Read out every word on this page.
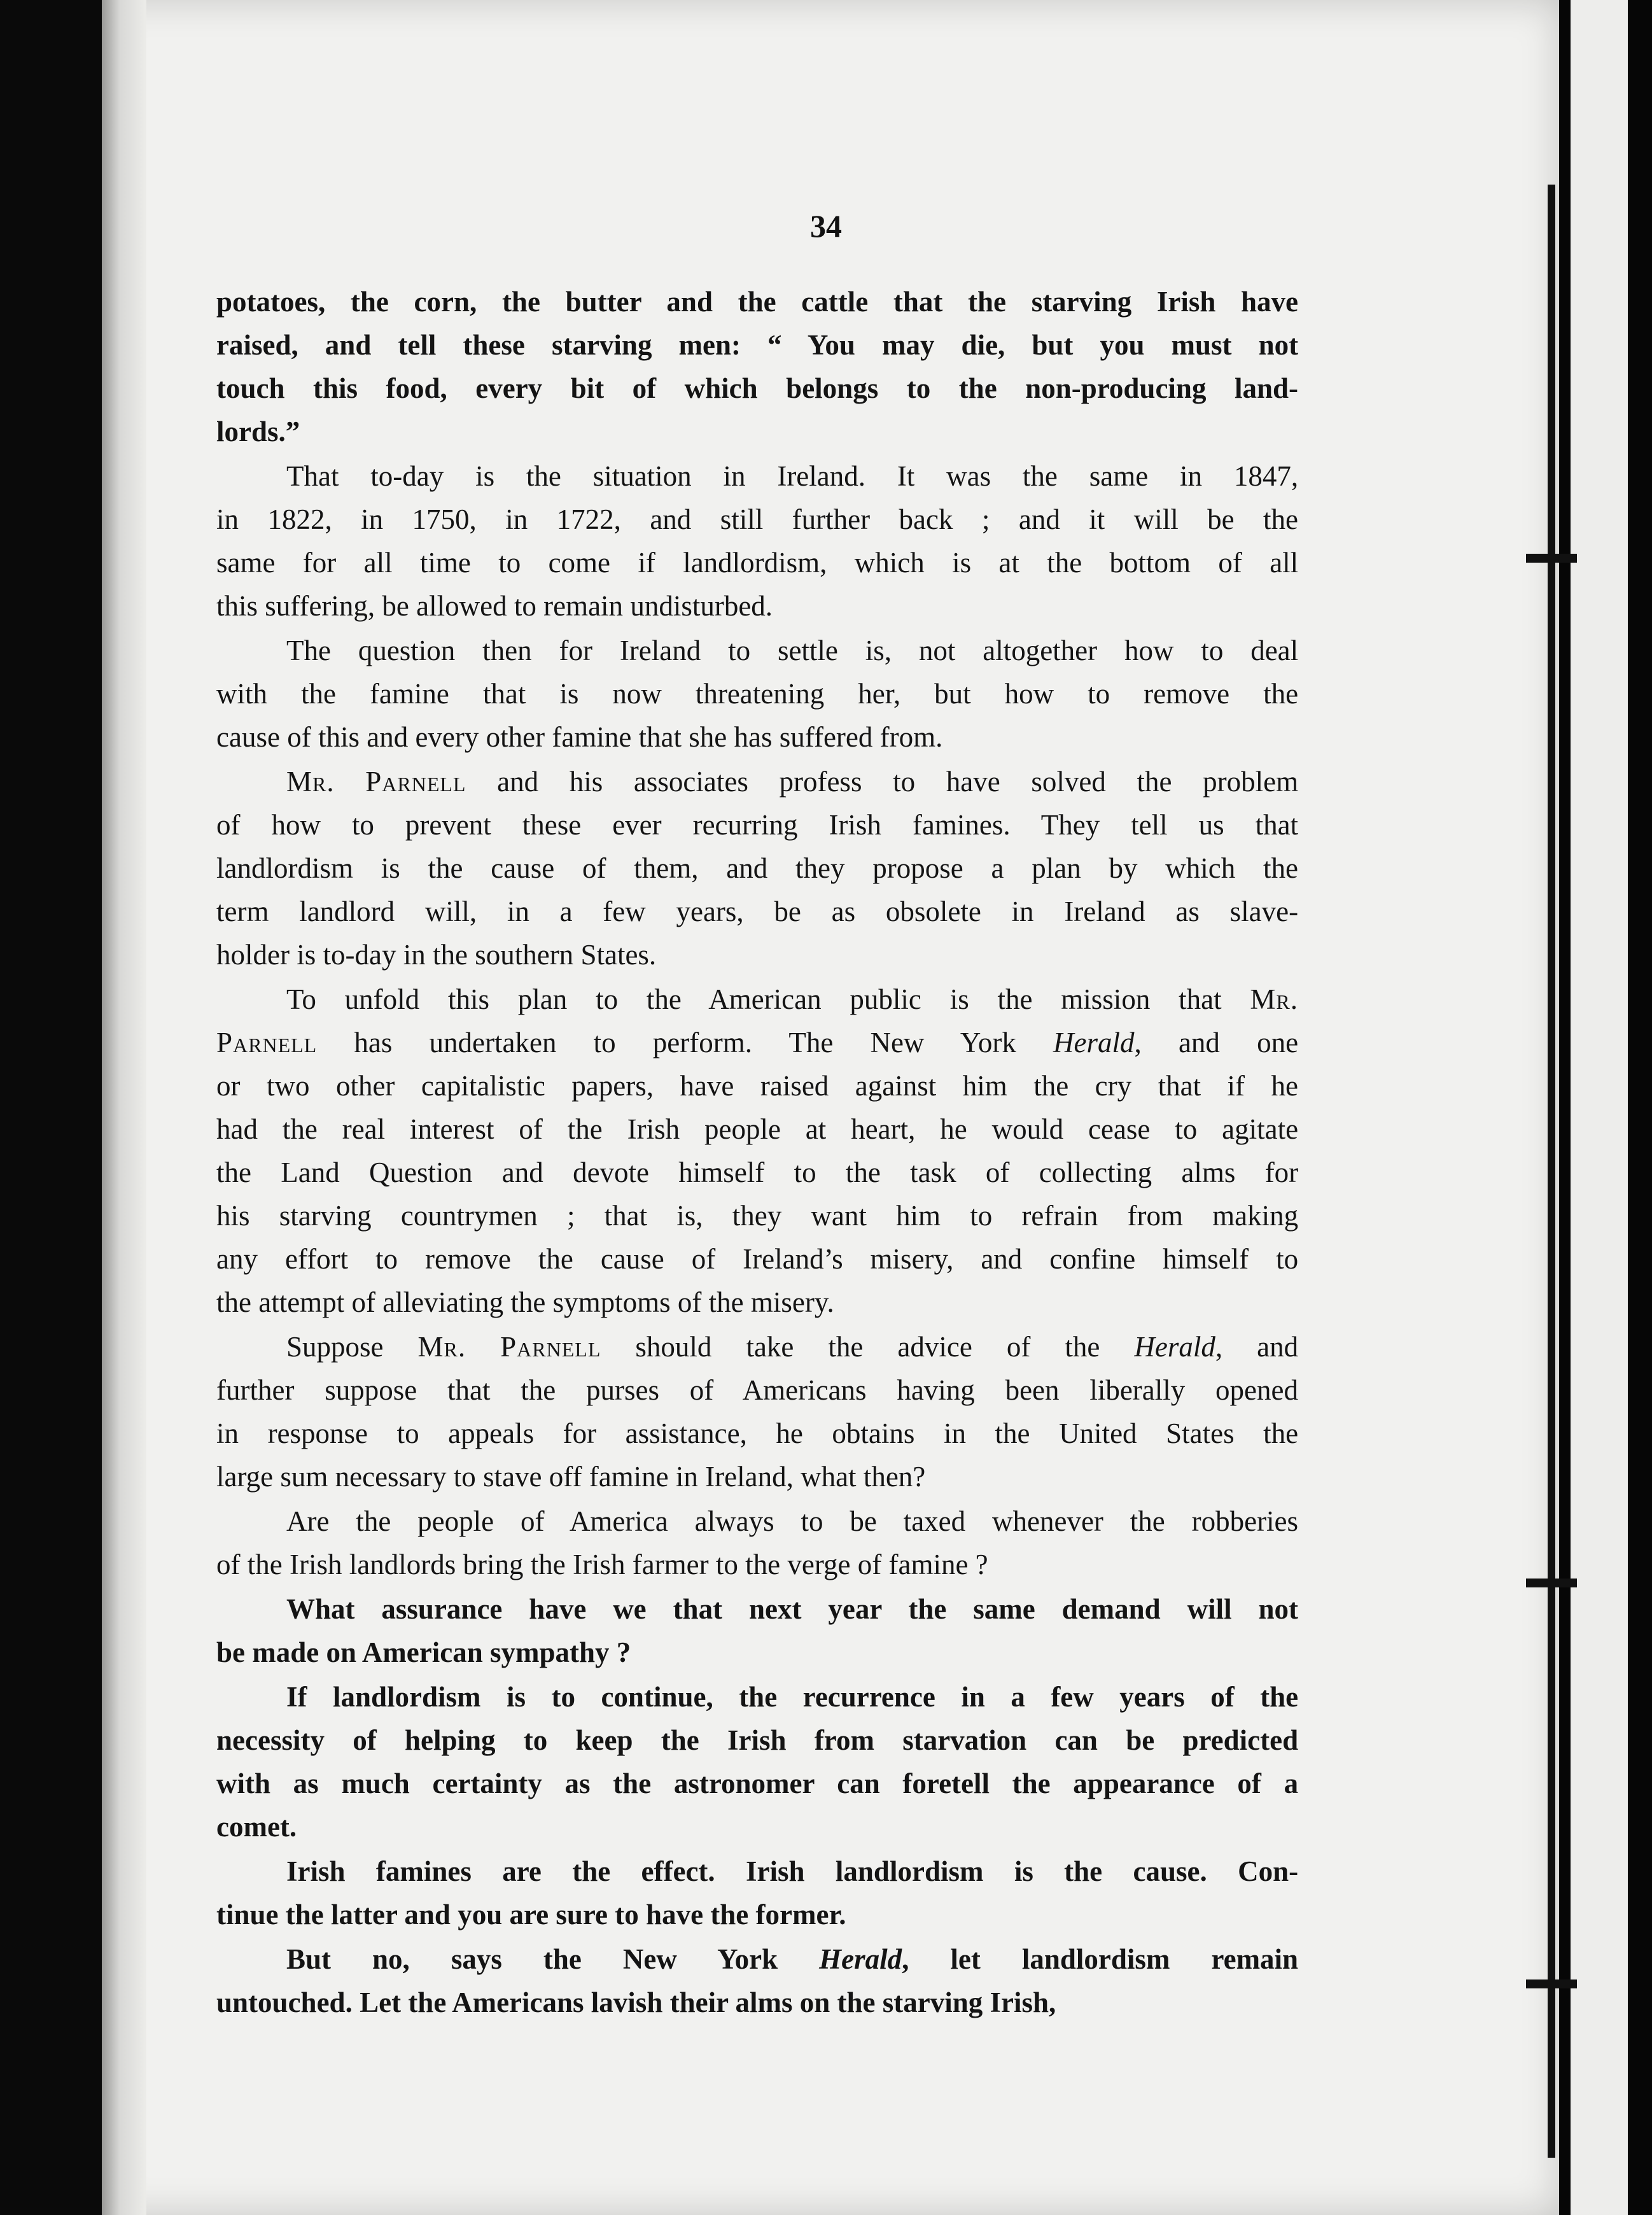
34

potatoes, the corn, the butter and the cattle that the starving Irish have
raised, and tell these starving men: “ You may die, but you must not
touch this food, every bit of which belongs to the non-producing land-
lords.”

That to-day is the situation in Ireland. It was the same in 1847,
in 1822, in 1750, in 1722, and still further back ; and it will be the
same for all time to come if landlordism, which is at the bottom of all
this suffering, be allowed to remain undisturbed.

The question then for Ireland to settle is, not altogether how to deal
with the famine that is now threatening her, but how to remove the
cause of this and every other famine that she has suffered from.

Mr. Parnell and his associates profess to have solved the problem
of how to prevent these ever recurring Irish famines. They tell us that
landlordism is the cause of them, and they propose a plan by which the
term landlord will, in a few years, be as obsolete in Ireland as slave-
holder is to-day in the southern States.

To unfold this plan to the American public is the mission that Mr.
Parnell has undertaken to perform. The New York Herald, and one
or two other capitalistic papers, have raised against him the cry that if he
had the real interest of the Irish people at heart, he would cease to agitate
the Land Question and devote himself to the task of collecting alms for
his starving countrymen ; that is, they want him to refrain from making
any effort to remove the cause of Ireland’s misery, and confine himself to
the attempt of alleviating the symptoms of the misery.

Suppose Mr. Parnell should take the advice of the Herald, and
further suppose that the purses of Americans having been liberally opened
in response to appeals for assistance, he obtains in the United States the
large sum necessary to stave off famine in Ireland, what then?

Are the people of America always to be taxed whenever the robberies
of the Irish landlords bring the Irish farmer to the verge of famine ?

What assurance have we that next year the same demand will not
be made on American sympathy ?

If landlordism is to continue, the recurrence in a few years of the
necessity of helping to keep the Irish from starvation can be predicted
with as much certainty as the astronomer can foretell the appearance of a
comet.

Irish famines are the effect. Irish landlordism is the cause. Con-
tinue the latter and you are sure to have the former.

But no, says the New York Herald, let landlordism remain
untouched. Let the Americans lavish their alms on the starving Irish,
